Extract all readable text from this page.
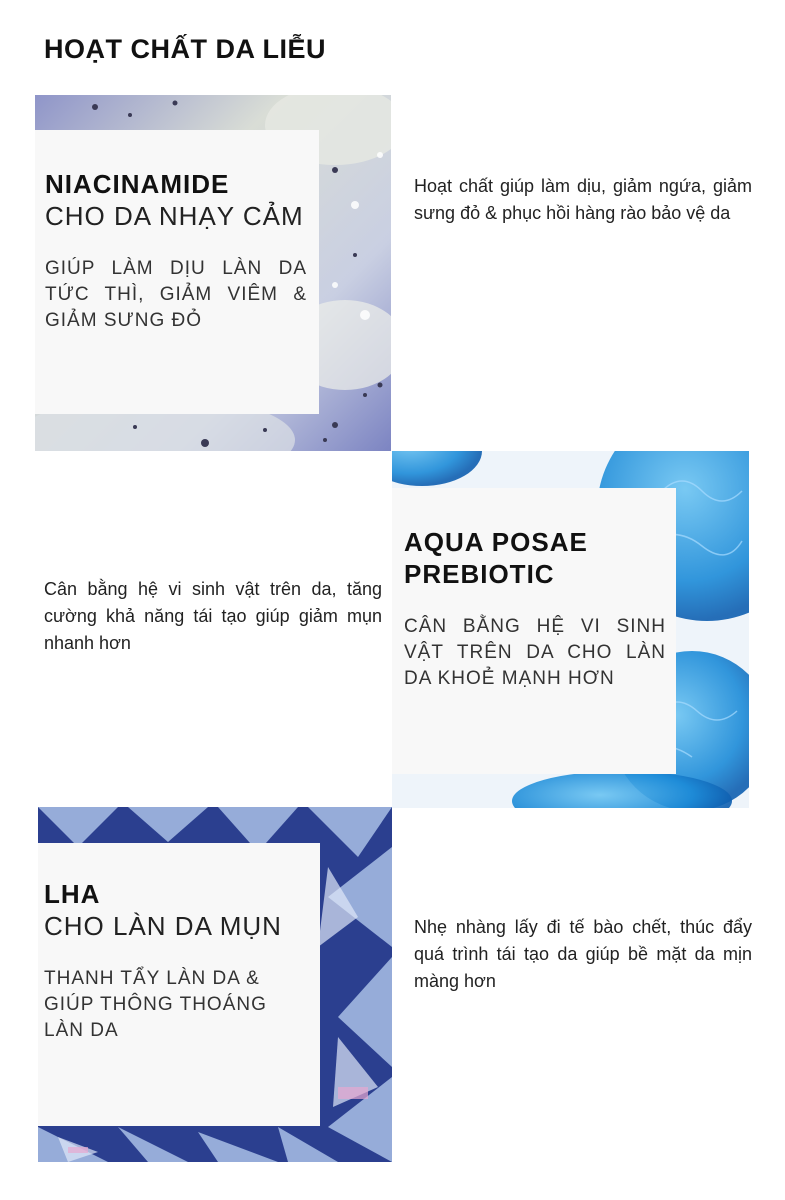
HOẠT CHẤT DA LIỄU
NIACINAMIDE
CHO DA NHẠY CẢM
GIÚP LÀM DỊU LÀN DA TỨC THÌ, GIẢM VIÊM & GIẢM SƯNG ĐỎ
Hoạt chất giúp làm dịu, giảm ngứa, giảm sưng đỏ & phục hồi hàng rào bảo vệ da
AQUA POSAE
PREBIOTIC
CÂN BẰNG HỆ VI SINH VẬT TRÊN DA CHO LÀN DA KHOẺ MẠNH HƠN
Cân bằng hệ vi sinh vật trên da, tăng cường khả năng tái tạo giúp giảm mụn nhanh hơn
LHA
CHO LÀN DA MỤN
THANH TẨY LÀN DA & GIÚP THÔNG THOÁNG LÀN DA
Nhẹ nhàng lấy đi tế bào chết, thúc đẩy quá trình tái tạo da giúp bề mặt da mịn màng hơn
